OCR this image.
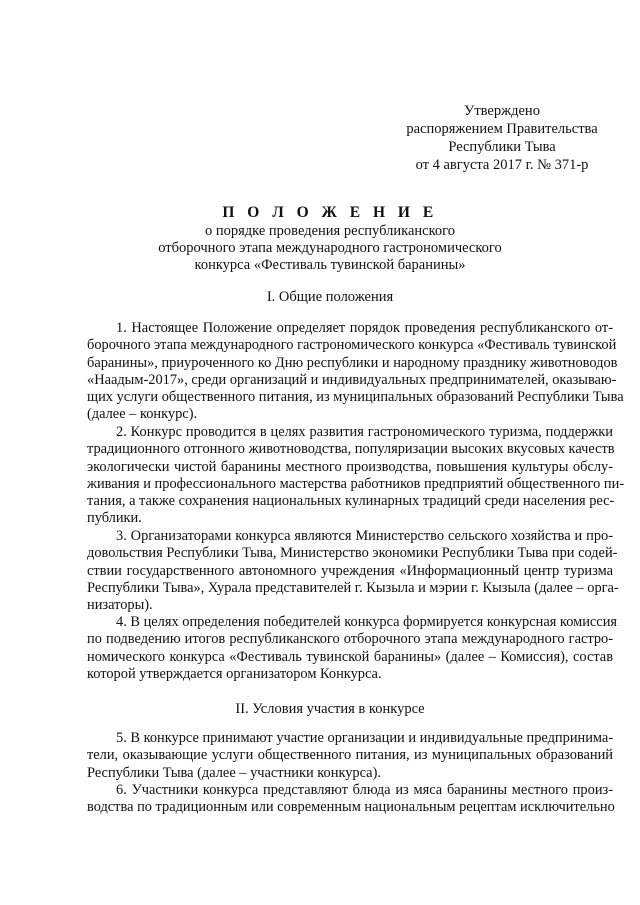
Утверждено
распоряжением Правительства
Республики Тыва
от 4 августа 2017 г. № 371-р
П О Л О Ж Е Н И Е
о порядке проведения республиканского
отборочного этапа международного гастрономического
конкурса «Фестиваль тувинской баранины»
I. Общие положения
1. Настоящее Положение определяет порядок проведения республиканского от-
борочного этапа международного гастрономического конкурса «Фестиваль тувинской
баранины», приуроченного ко Дню республики и народному празднику животноводов
«Наадым-2017», среди организаций и индивидуальных предпринимателей, оказываю-
щих услуги общественного питания, из муниципальных образований Республики Тыва
(далее – конкурс).
2. Конкурс проводится в целях развития гастрономического туризма, поддержки
традиционного отгонного животноводства, популяризации высоких вкусовых качеств
экологически чистой баранины местного производства, повышения культуры обслу-
живания и профессионального мастерства работников предприятий общественного пи-
тания, а также сохранения национальных кулинарных традиций среди населения рес-
публики.
3. Организаторами конкурса являются Министерство сельского хозяйства и про-
довольствия Республики Тыва, Министерство экономики Республики Тыва при содей-
ствии государственного автономного учреждения «Информационный центр туризма
Республики Тыва», Хурала представителей г. Кызыла и мэрии г. Кызыла (далее – орга-
низаторы).
4. В целях определения победителей конкурса формируется конкурсная комиссия
по подведению итогов республиканского отборочного этапа международного гастро-
номического конкурса «Фестиваль тувинской баранины» (далее – Комиссия), состав
которой утверждается организатором Конкурса.
II. Условия участия в конкурсе
5. В конкурсе принимают участие организации и индивидуальные предпринима-
тели, оказывающие услуги общественного питания, из муниципальных образований
Республики Тыва (далее – участники конкурса).
6. Участники конкурса представляют блюда из мяса баранины местного произ-
водства по традиционным или современным национальным рецептам исключительно
